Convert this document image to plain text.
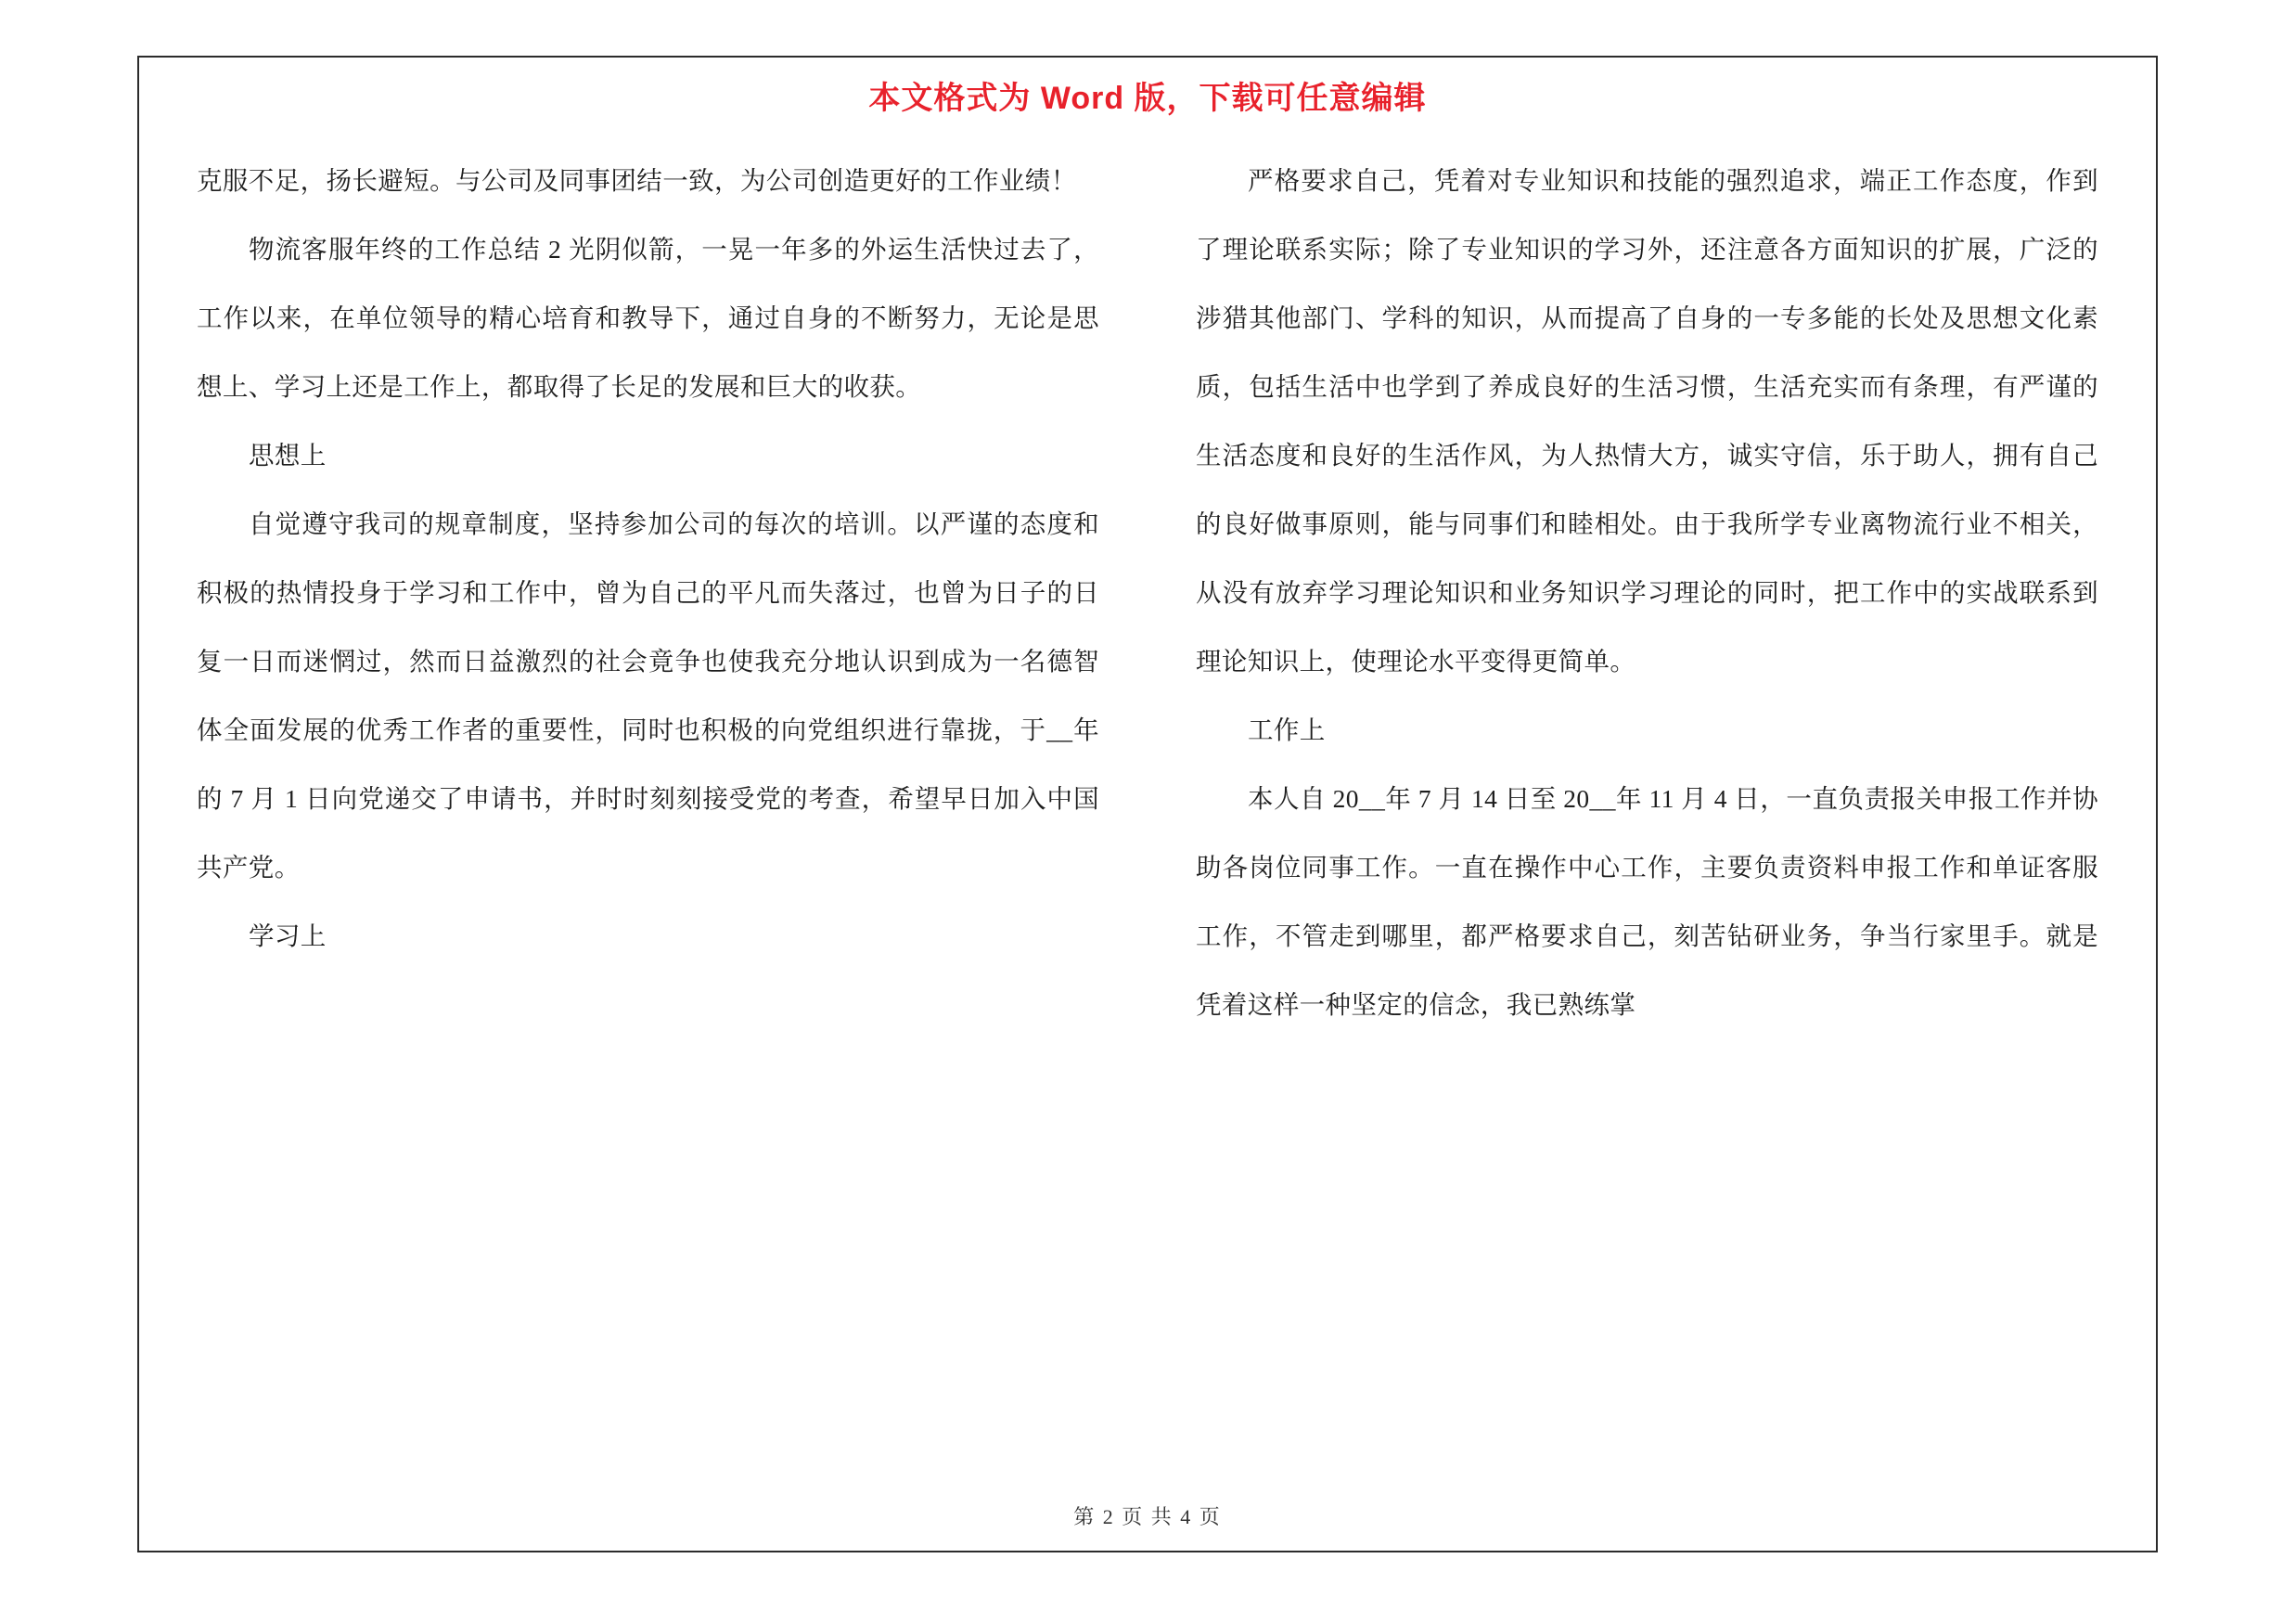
本文格式为 Word 版，下载可任意编辑

克服不足，扬长避短。与公司及同事团结一致，为公司创造更好的工作业绩！

物流客服年终的工作总结 2 光阴似箭，一晃一年多的外运生活快过去了，工作以来，在单位领导的精心培育和教导下，通过自身的不断努力，无论是思想上、学习上还是工作上，都取得了长足的发展和巨大的收获。

思想上

自觉遵守我司的规章制度，坚持参加公司的每次的培训。以严谨的态度和积极的热情投身于学习和工作中，曾为自己的平凡而失落过，也曾为日子的日复一日而迷惘过，然而日益激烈的社会竟争也使我充分地认识到成为一名德智体全面发展的优秀工作者的重要性，同时也积极的向党组织进行靠拢，于__年的 7 月 1 日向党递交了申请书，并时时刻刻接受党的考查，希望早日加入中国共产党。

学习上

严格要求自己，凭着对专业知识和技能的强烈追求，端正工作态度，作到了理论联系实际；除了专业知识的学习外，还注意各方面知识的扩展，广泛的涉猎其他部门、学科的知识，从而提高了自身的一专多能的长处及思想文化素质，包括生活中也学到了养成良好的生活习惯，生活充实而有条理，有严谨的生活态度和良好的生活作风，为人热情大方，诚实守信，乐于助人，拥有自己的良好做事原则，能与同事们和睦相处。由于我所学专业离物流行业不相关，从没有放弃学习理论知识和业务知识学习理论的同时，把工作中的实战联系到理论知识上，使理论水平变得更简单。

工作上

本人自 20__年 7 月 14 日至 20__年 11 月 4 日，一直负责报关申报工作并协助各岗位同事工作。一直在操作中心工作，主要负责资料申报工作和单证客服工作，不管走到哪里，都严格要求自己，刻苦钻研业务，争当行家里手。就是凭着这样一种坚定的信念，我已熟练掌

第 2 页 共 4 页
